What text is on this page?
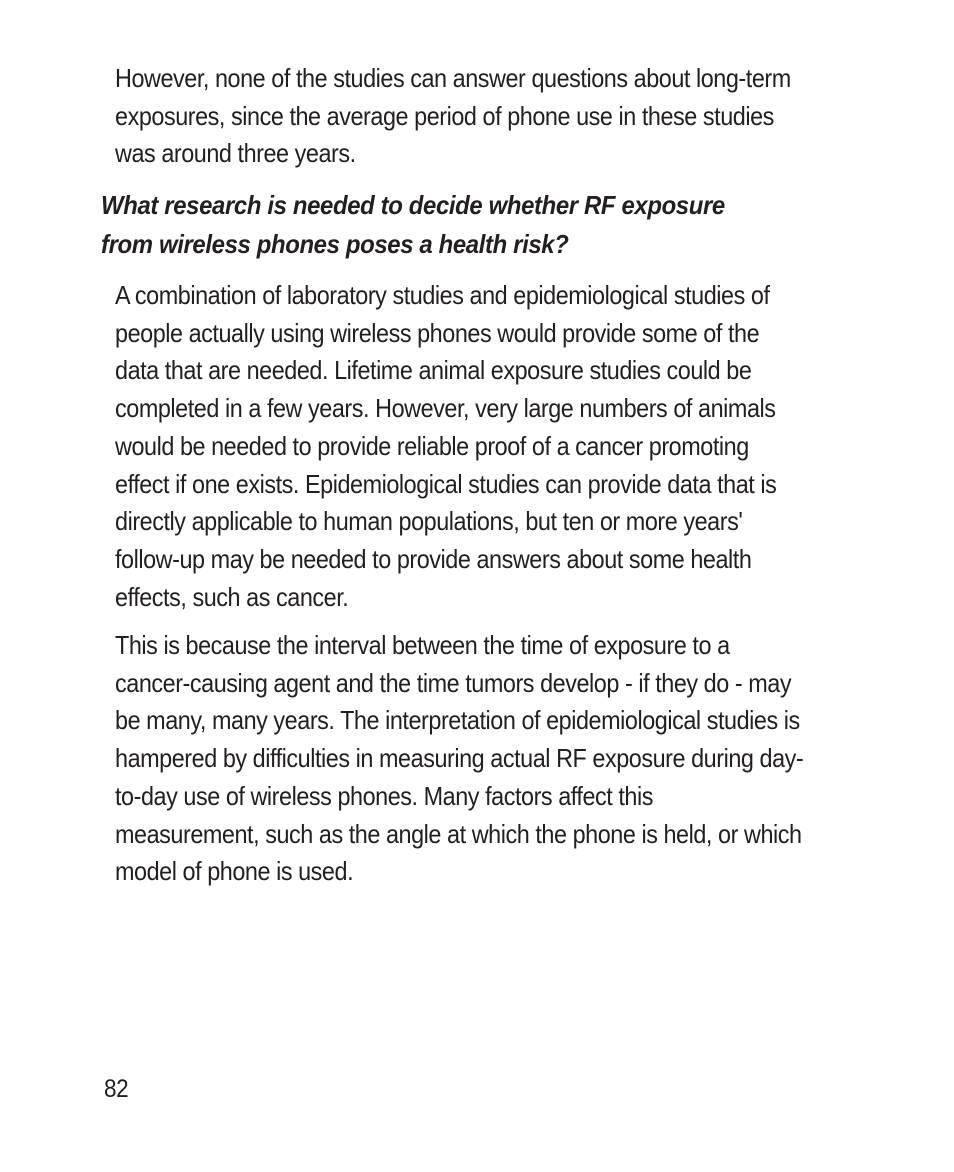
However, none of the studies can answer questions about long-term
exposures, since the average period of phone use in these studies
was around three years.

What research is needed to decide whether RF exposure
from wireless phones poses a health risk?

A combination of laboratory studies and epidemiological studies of
people actually using wireless phones would provide some of the
data that are needed. Lifetime animal exposure studies could be
completed in a few years. However, very large numbers of animals
would be needed to provide reliable proof of a cancer promoting
effect if one exists. Epidemiological studies can provide data that is
directly applicable to human populations, but ten or more years'
follow-up may be needed to provide answers about some health
effects, such as cancer.

This is because the interval between the time of exposure to a
cancer-causing agent and the time tumors develop - if they do - may
be many, many years. The interpretation of epidemiological studies is
hampered by difficulties in measuring actual RF exposure during day-
to-day use of wireless phones. Many factors affect this
measurement, such as the angle at which the phone is held, or which
model of phone is used.

82
